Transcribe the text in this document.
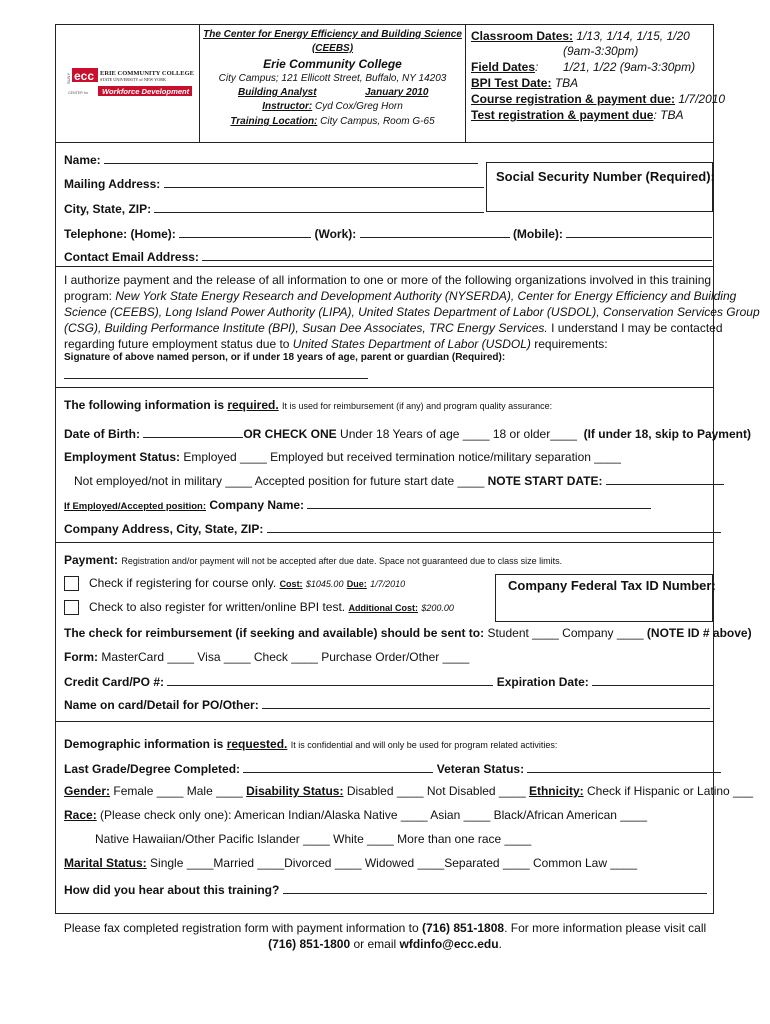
SUNY ecc ERIE COMMUNITY COLLEGE
STATE UNIVERSITY of NEW YORK
CENTER for Workforce Development
The Center for Energy Efficiency and Building Science
(CEEBS)
Erie Community College
City Campus; 121 Ellicott Street, Buffalo, NY 14203
Building Analyst	January 2010
Instructor: Cyd Cox/Greg Horn
Training Location: City Campus, Room G-65
Classroom Dates: 1/13, 1/14, 1/15, 1/20
(9am-3:30pm)
Field Dates: 1/21, 1/22 (9am-3:30pm)
BPI Test Date: TBA
Course registration & payment due: 1/7/2010
Test registration & payment due: TBA
Name:
Mailing Address:
City, State, ZIP:
Social Security Number (Required):
Telephone: (Home):	(Work):	(Mobile):
Contact Email Address:
I authorize payment and the release of all information to one or more of the following organizations involved in this training
program: New York State Energy Research and Development Authority (NYSERDA), Center for Energy Efficiency and Building
Science (CEEBS), Long Island Power Authority (LIPA), United States Department of Labor (USDOL), Conservation Services Group
(CSG), Building Performance Institute (BPI), Susan Dee Associates, TRC Energy Services. I understand I may be contacted
regarding future employment status due to United States Department of Labor (USDOL) requirements:
Signature of above named person, or if under 18 years of age, parent or guardian (Required):
The following information is required. It is used for reimbursement (if any) and program quality assurance:
Date of Birth:	OR CHECK ONE Under 18 Years of age ____ 18 or older____ (If under 18, skip to Payment)
Employment Status: Employed ____ Employed but received termination notice/military separation ____
Not employed/not in military ____ Accepted position for future start date ____ NOTE START DATE:
If Employed/Accepted position: Company Name:
Company Address, City, State, ZIP:
Payment: Registration and/or payment will not be accepted after due date. Space not guaranteed due to class size limits.
Check if registering for course only. Cost: $1045.00 Due: 1/7/2010
Check to also register for written/online BPI test. Additional Cost: $200.00
Company Federal Tax ID Number:
The check for reimbursement (if seeking and available) should be sent to: Student ____ Company ____ (NOTE ID # above)
Form: MasterCard ____ Visa ____ Check ____ Purchase Order/Other ____
Credit Card/PO #:	Expiration Date:
Name on card/Detail for PO/Other:
Demographic information is requested. It is confidential and will only be used for program related activities:
Last Grade/Degree Completed:	Veteran Status:
Gender: Female ____ Male ____ Disability Status: Disabled ____ Not Disabled ____ Ethnicity: Check if Hispanic or Latino ___
Race: (Please check only one): American Indian/Alaska Native ____ Asian ____ Black/African American ____
Native Hawaiian/Other Pacific Islander ____ White ____ More than one race ____
Marital Status: Single ____Married ____Divorced ____ Widowed ____Separated ____ Common Law ____
How did you hear about this training?
Please fax completed registration form with payment information to (716) 851-1808. For more information please visit call
(716) 851-1800 or email wfdinfo@ecc.edu.
